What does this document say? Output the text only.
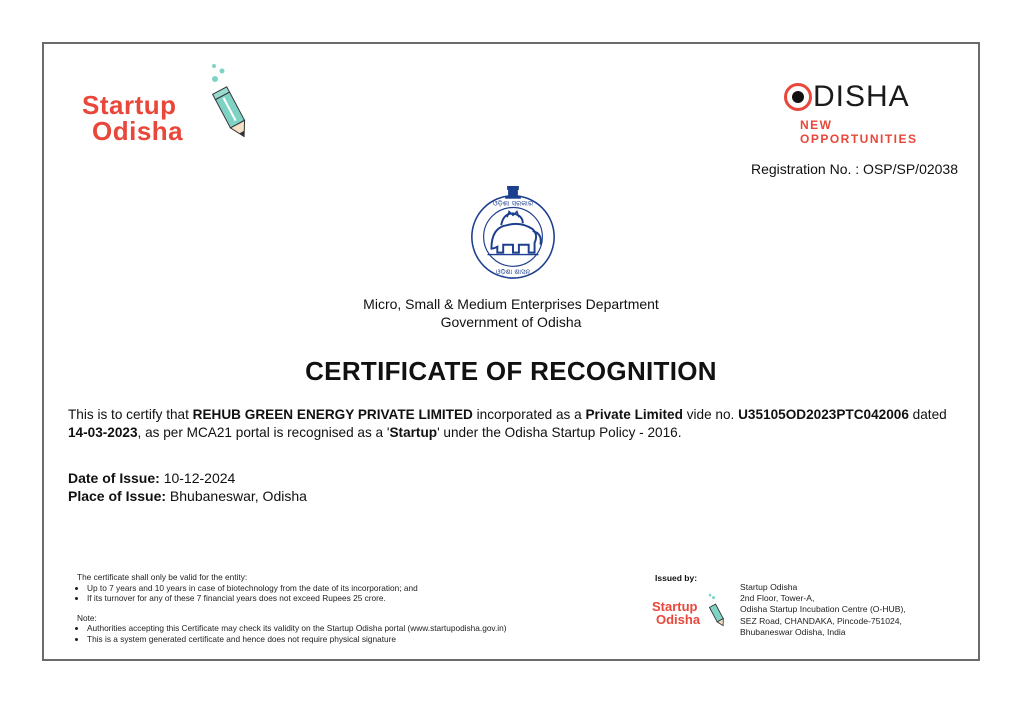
Startup
Odisha
DISHA
NEW OPPORTUNITIES
Registration No. : OSP/SP/02038
ଓଡ଼ିଶା ସରକାର
ଓଡ଼ିଶା ଶାସନ
Micro, Small & Medium Enterprises Department
Government of Odisha
CERTIFICATE OF RECOGNITION
This is to certify that REHUB GREEN ENERGY PRIVATE LIMITED incorporated as a Private Limited vide no. U35105OD2023PTC042006 dated 14-03-2023, as per MCA21 portal is recognised as a 'Startup' under the Odisha Startup Policy - 2016.
Date of Issue: 10-12-2024
Place of Issue: Bhubaneswar, Odisha
The certificate shall only be valid for the entity:
• Up to 7 years and 10 years in case of biotechnology from the date of its incorporation; and
• If its turnover for any of these 7 financial years does not exceed Rupees 25 crore.
Note:
• Authorities accepting this Certificate may check its validity on the Startup Odisha portal (www.startupodisha.gov.in)
• This is a system generated certificate and hence does not require physical signature
Issued by:
Startup
Odisha
Startup Odisha
2nd Floor, Tower-A,
Odisha Startup Incubation Centre (O-HUB),
SEZ Road, CHANDAKA, Pincode-751024,
Bhubaneswar Odisha, India
